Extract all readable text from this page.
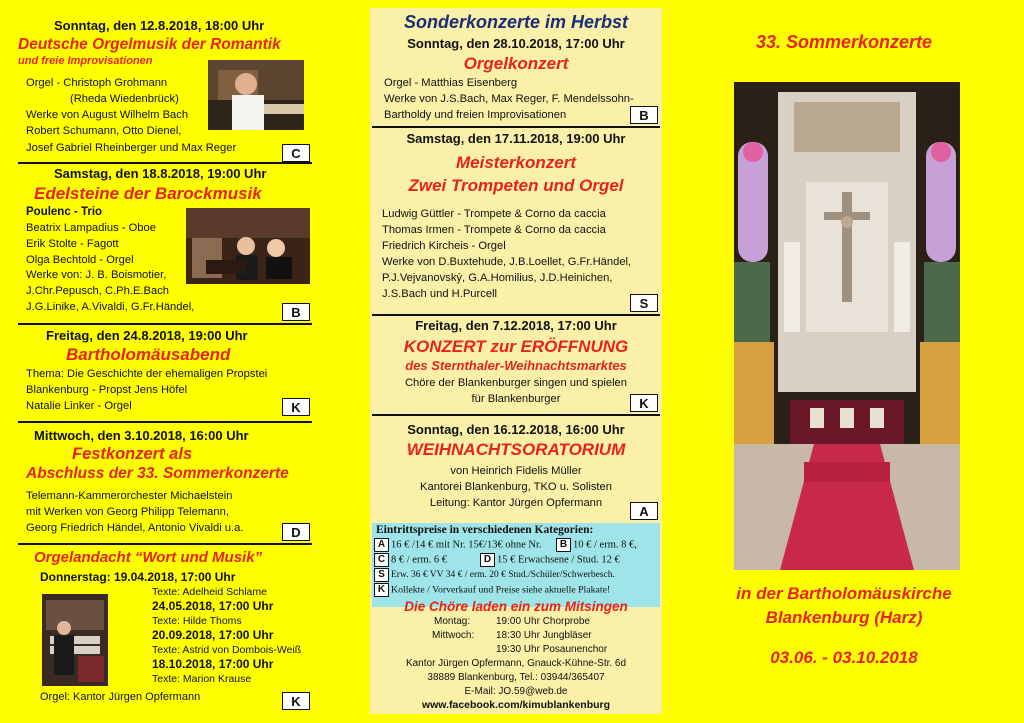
Sonntag, den 12.8.2018, 18:00 Uhr
Deutsche Orgelmusik der Romantik
und freie Improvisationen
Orgel - Christoph Grohmann
(Rheda Wiedenbrück)
Werke von August Wilhelm Bach
Robert Schumann, Otto Dienel,
Josef Gabriel Rheinberger und Max Reger	C
Samstag, den 18.8.2018, 19:00 Uhr
Edelsteine der Barockmusik
Poulenc - Trio
Beatrix Lampadius - Oboe
Erik Stolte - Fagott
Olga Bechtold - Orgel
Werke von: J. B. Boismotier,
J.Chr.Pepusch, C.Ph.E.Bach
J.G.Linike, A.Vivaldi, G.Fr.Händel,	B
Freitag, den 24.8.2018, 19:00 Uhr
Bartholomäusabend
Thema: Die Geschichte der ehemaligen Propstei
Blankenburg - Propst Jens Höfel
Natalie Linker - Orgel	K
Mittwoch, den 3.10.2018, 16:00 Uhr
Festkonzert als
Abschluss der 33. Sommerkonzerte
Telemann-Kammerorchester Michaelstein
mit Werken von Georg Philipp Telemann,
Georg Friedrich Händel, Antonio Vivaldi u.a.	D
Orgelandacht “Wort und Musik”
Donnerstag: 19.04.2018, 17:00 Uhr
Texte: Adelheid Schlame
24.05.2018, 17:00 Uhr
Texte: Hilde Thoms
20.09.2018, 17:00 Uhr
Texte: Astrid von Dombois-Weiß
18.10.2018, 17:00 Uhr
Texte: Marion Krause
Orgel: Kantor Jürgen Opfermann	K
Sonderkonzerte im Herbst
Sonntag, den 28.10.2018, 17:00 Uhr
Orgelkonzert
Orgel - Matthias Eisenberg
Werke von J.S.Bach, Max Reger, F. Mendelssohn-
Bartholdy und freien Improvisationen	B
Samstag, den 17.11.2018, 19:00 Uhr
Meisterkonzert
Zwei Trompeten und Orgel
Ludwig Güttler - Trompete & Corno da caccia
Thomas Irmen - Trompete & Corno da caccia
Friedrich Kircheis - Orgel
Werke von D.Buxtehude, J.B.Loellet, G.Fr.Händel,
P.J.Vejvanovský, G.A.Homilius, J.D.Heinichen,
J.S.Bach und H.Purcell
S
Freitag, den 7.12.2018, 17:00 Uhr
KONZERT zur ERÖFFNUNG
des Sternthaler-Weihnachtsmarktes
Chöre der Blankenburger singen und spielen
für Blankenburger	K
Sonntag, den 16.12.2018, 16:00 Uhr
WEIHNACHTSORATORIUM
von Heinrich Fidelis Müller
Kantorei Blankenburg, TKO u. Solisten
Leitung: Kantor Jürgen Opfermann
A
Eintrittspreise in verschiedenen Kategorien:
A 16 € /14 € mit Nr. 15€/13€ ohne Nr.	B 10 € / erm. 8 €,
C 8 € / erm. 6 €	D 15 € Erwachsene / Stud. 12 €
S Erw. 36 € VV 34 € / erm. 20 € Stud./Schüler/Schwerbesch.
K Kollekte / Vorverkauf und Preise siehe aktuelle Plakate!
Die Chöre laden ein zum Mitsingen
Montag:	19:00 Uhr Chorprobe
Mittwoch: 18:30 Uhr Jungbläser
19:30 Uhr Posaunenchor
Kantor Jürgen Opfermann, Gnauck-Kühne-Str. 6d
38889 Blankenburg, Tel.: 03944/365407
E-Mail: JO.59@web.de
www.facebook.com/kimublankenburg
33. Sommerkonzerte
in der Bartholomäuskirche
Blankenburg (Harz)
03.06. - 03.10.2018
